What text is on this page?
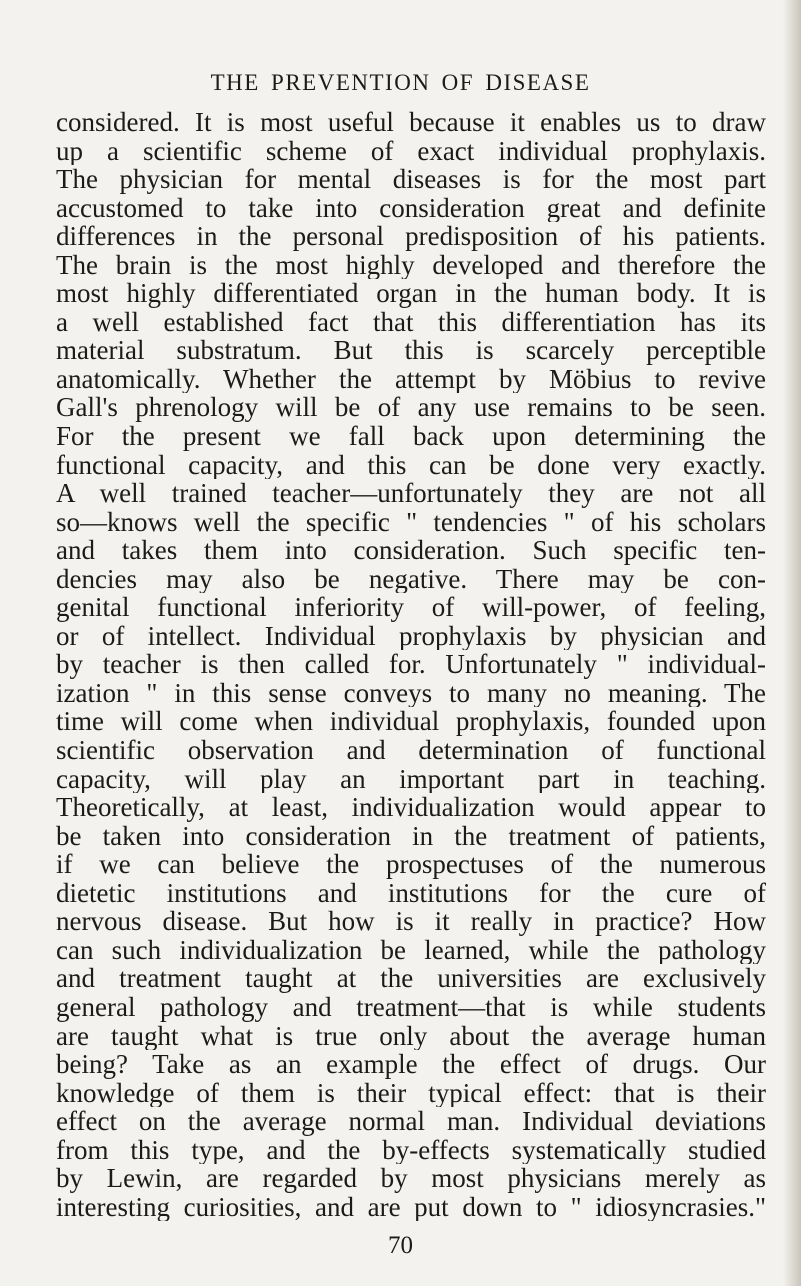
THE PREVENTION OF DISEASE
considered. It is most useful because it enables us to draw
up a scientific scheme of exact individual prophylaxis.
The physician for mental diseases is for the most part
accustomed to take into consideration great and definite
differences in the personal predisposition of his patients.
The brain is the most highly developed and therefore the
most highly differentiated organ in the human body. It is
a well established fact that this differentiation has its
material substratum. But this is scarcely perceptible
anatomically. Whether the attempt by Möbius to revive
Gall's phrenology will be of any use remains to be seen.
For the present we fall back upon determining the
functional capacity, and this can be done very exactly.
A well trained teacher—unfortunately they are not all
so—knows well the specific " tendencies " of his scholars
and takes them into consideration. Such specific ten-
dencies may also be negative. There may be con-
genital functional inferiority of will-power, of feeling,
or of intellect. Individual prophylaxis by physician and
by teacher is then called for. Unfortunately " individual-
ization " in this sense conveys to many no meaning. The
time will come when individual prophylaxis, founded upon
scientific observation and determination of functional
capacity, will play an important part in teaching.
Theoretically, at least, individualization would appear to
be taken into consideration in the treatment of patients,
if we can believe the prospectuses of the numerous
dietetic institutions and institutions for the cure of
nervous disease. But how is it really in practice? How
can such individualization be learned, while the pathology
and treatment taught at the universities are exclusively
general pathology and treatment—that is while students
are taught what is true only about the average human
being? Take as an example the effect of drugs. Our
knowledge of them is their typical effect: that is their
effect on the average normal man. Individual deviations
from this type, and the by-effects systematically studied
by Lewin, are regarded by most physicians merely as
interesting curiosities, and are put down to " idiosyncrasies."
70
